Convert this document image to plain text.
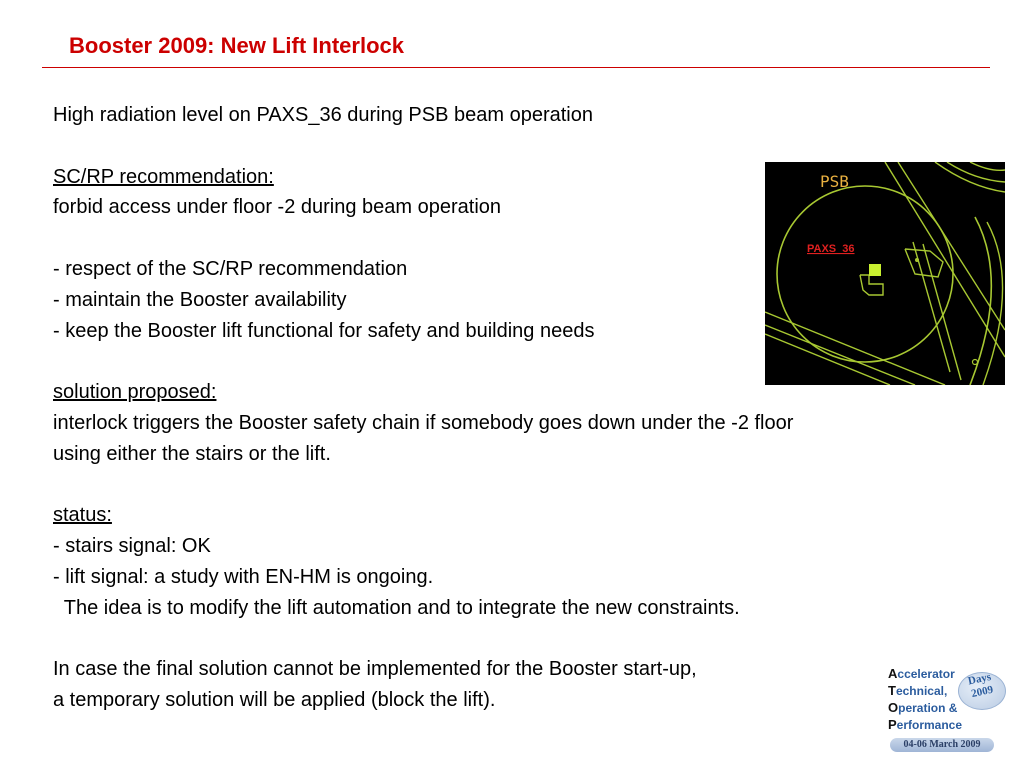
Booster 2009: New Lift Interlock

High radiation level on PAXS_36 during PSB beam operation

SC/RP recommendation:

forbid access under floor -2 during beam operation

- respect of the SC/RP recommendation

- maintain the Booster availability

- keep the Booster lift functional for safety and building needs

solution proposed:

interlock triggers the Booster safety chain if somebody goes down under the -2 floor

using either the stairs or the lift.

status:

- stairs signal: OK

- lift signal: a study with EN-HM is ongoing.

The idea is to modify the lift automation and to integrate the new constraints.

In case the final solution cannot be implemented for the Booster start-up,

a temporary solution will be applied (block the lift).

PSB
PAXS_36
Accelerator
Technical,
Operation &
Performance
Days
2009
04-06 March 2009
